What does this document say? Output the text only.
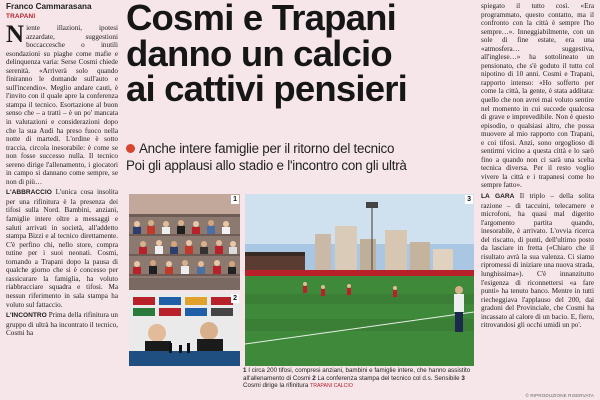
Franco Cammarasana
TRAPANI

Niente illazioni, ipotesi azzardate, suggestioni boccaccesche o inutili esondazioni su piaghe come mafie e delinquenza varia: Serse Cosmi chiede serenità. «Arriverà solo quando finiranno le domande sull'auto e sull'incendio». Meglio andare cauti, è l'invito con il quale apre la conferenza stampa il tecnico. Esortazione al buon senso che – a tratti – è un po' mancata in valutazioni e considerazioni dopo che la sua Audi ha preso fuoco nella notte di martedì. L'ordine è sotto traccia, circola inesorabile: è come se non fosse successo nulla. Il tecnico sereno dirige l'allenamento, i giocatori in campo si dannano come sempre, se non di più…

L'ABBRACCIO L'unica cosa insolita per una rifinitura è la presenza dei tifosi sulla Nord. Bambini, anziani, famiglie intere oltre a messaggi e saluti arrivati in società, all'addetto stampa Bizzi e al tecnico direttamente. C'è perfino chi, nello store, compra tutine per i suoi neonati. Cosmi, tornando a Trapani dopo la pausa di qualche giorno che si è concesso per rassicurare la famiglia, ha voluto riabbracciare squadra e tifosi. Ma nessun riferimento in sala stampa ha voluto sul fattaccio.

L'INCONTRO Prima della rifinitura un gruppo di ultrà ha incontrato il tecnico, Cosmi ha

Cosmi e Trapani
danno un calcio
ai cattivi pensieri
Anche intere famiglie per il ritorno del tecnico
Poi gli applausi allo stadio e l'incontro con gli ultrà
1
2
3
1 I circa 200 tifosi, compresi anziani, bambini e famiglie intere, che hanno assistito all'allenamento di Cosmi 2 La conferenza stampa del tecnico col d.s. Sensibile 3 Cosmi dirige la rifinitura TRAPANI CALCIO

spiegato il tutto così. «Era programmato, questo contatto, ma il confronto con la città è sempre l'ho sempre…». Inneggiabilmente, con un sole di fine estate, era una «atmosfera… suggestiva, all'inglese…» ha sottolineato un pensionato, che s'è goduto il tutto col nipotino di 10 anni. Cosmi e Trapani, rapporto intenso: «Ho sofferto per come la città, la gente, è stata additata: quello che non avrei mai voluto sentire nel momento in cui succede qualcosa di grave e imprevedibile. Non è questo episodio, o qualsiasi altro, che possa muovere al mio rapporto con Trapani, e coi tifosi. Anzi, sono orgoglioso di sentirmi vicino a questa città e lo sarò fino a quando non ci sarà una scelta tecnica diversa. Per il resto voglio vivere la città e i trapanesi come ho sempre fatto».

LA GARA Il triplo – della solita razione – di taccuini, telecamere e microfoni, ha quasi mal digerito l'argomento partita quando, inesorabile, è arrivato. L'ovvia ricerca del riscatto, di punti, dell'ultimo posto da lasciare in fretta («Chiaro che il risultato avrà la sua valenza. Ci siamo ripromessi di iniziare una nuova strada, lunghissima»). C'è innanzitutto l'esigenza di riconnettersi «a fare punti» ha tenuto banco. Mentre in tutti riecheggiava l'applauso del 200, dai gradoni del Provinciale, che Cosmi ha incassato al calore di un bacio. E, fiero, ritrovandosi gli occhi umidi un po'.

© RIPRODUZIONE RISERVATA
